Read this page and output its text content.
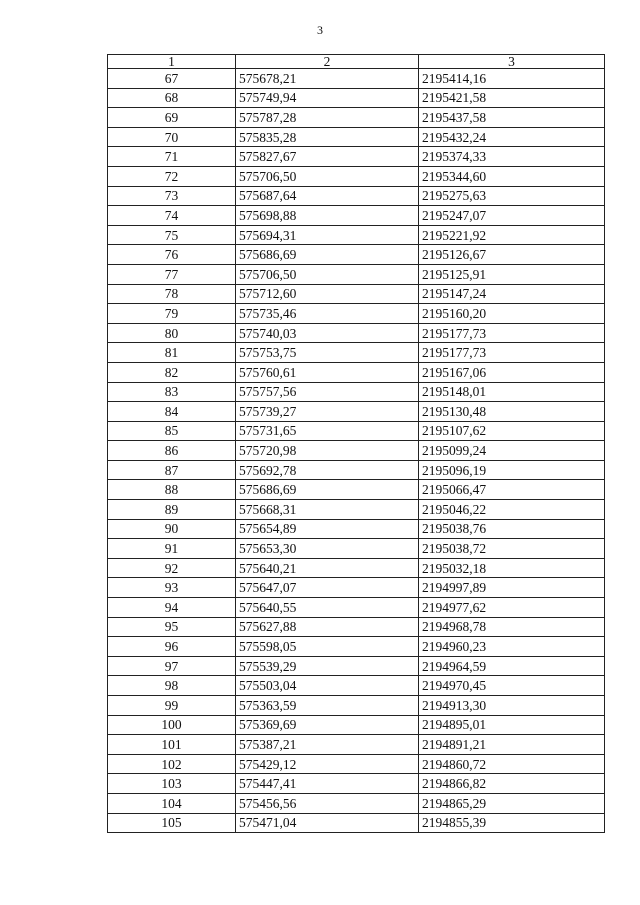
3
1	2	3
67	575678,21	2195414,16
68	575749,94	2195421,58
69	575787,28	2195437,58
70	575835,28	2195432,24
71	575827,67	2195374,33
72	575706,50	2195344,60
73	575687,64	2195275,63
74	575698,88	2195247,07
75	575694,31	2195221,92
76	575686,69	2195126,67
77	575706,50	2195125,91
78	575712,60	2195147,24
79	575735,46	2195160,20
80	575740,03	2195177,73
81	575753,75	2195177,73
82	575760,61	2195167,06
83	575757,56	2195148,01
84	575739,27	2195130,48
85	575731,65	2195107,62
86	575720,98	2195099,24
87	575692,78	2195096,19
88	575686,69	2195066,47
89	575668,31	2195046,22
90	575654,89	2195038,76
91	575653,30	2195038,72
92	575640,21	2195032,18
93	575647,07	2194997,89
94	575640,55	2194977,62
95	575627,88	2194968,78
96	575598,05	2194960,23
97	575539,29	2194964,59
98	575503,04	2194970,45
99	575363,59	2194913,30
100	575369,69	2194895,01
101	575387,21	2194891,21
102	575429,12	2194860,72
103	575447,41	2194866,82
104	575456,56	2194865,29
105	575471,04	2194855,39
